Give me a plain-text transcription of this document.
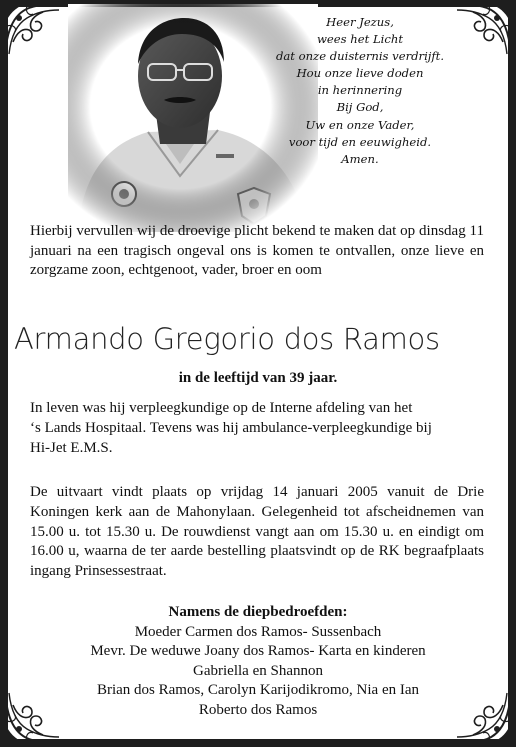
Heer Jezus,
wees het Licht
dat onze duisternis verdrijft.
Hou onze lieve doden
in herinnering
Bij God,
Uw en onze Vader,
voor tijd en eeuwigheid.
Amen.
Hierbij vervullen wij de droevige plicht bekend te maken dat op dinsdag 11 januari na een tragisch ongeval ons is komen te ontvallen, onze lieve en zorgzame zoon, echtgenoot, vader, broer en oom
Armando Gregorio dos Ramos
in de leeftijd van 39 jaar.
In leven was hij verpleegkundige op de Interne afdeling van het
‘s Lands Hospitaal. Tevens was hij ambulance-verpleegkundige bij
Hi-Jet E.M.S.
De uitvaart vindt plaats op vrijdag 14 januari 2005 vanuit de Drie Koningen kerk aan de Mahonylaan. Gelegenheid tot afscheidnemen van 15.00 u. tot 15.30 u. De rouwdienst vangt aan om 15.30 u. en eindigt om 16.00 u, waarna de ter aarde bestelling plaatsvindt op de RK begraafplaats ingang Prinsessestraat.
Namens de diepbedroefden:
Moeder Carmen dos Ramos- Sussenbach
Mevr. De weduwe Joany dos Ramos- Karta en kinderen
Gabriella en Shannon
Brian dos Ramos, Carolyn Karijodikromo, Nia en Ian
Roberto dos Ramos
